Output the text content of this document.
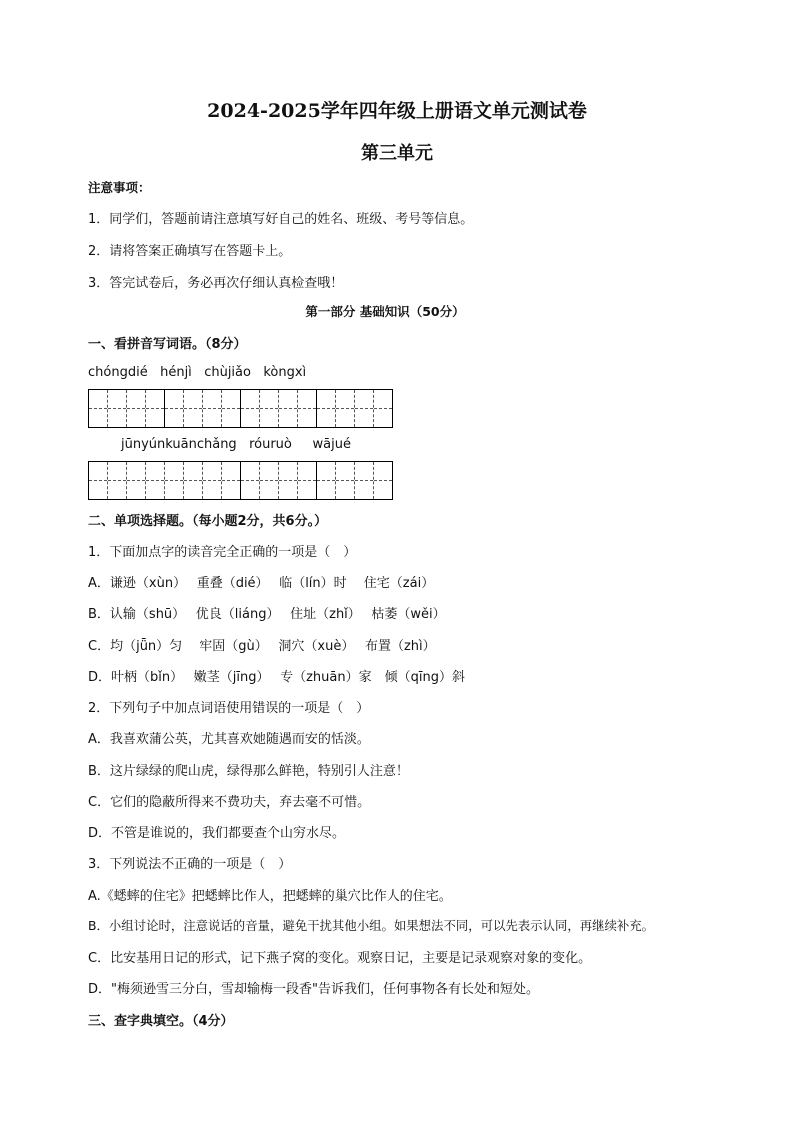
2024-2025学年四年级上册语文单元测试卷
第三单元
注意事项：
1．同学们，答题前请注意填写好自己的姓名、班级、考号等信息。
2．请将答案正确填写在答题卡上。
3．答完试卷后，务必再次仔细认真检查哦！
第一部分 基础知识（50分）
一、看拼音写词语。（8分）
chóngdié   hénjì   chùjiǎo   kòngxì
jūnyúnkuānchǎng   róuruò     wājué
二、单项选择题。（每小题2分，共6分。）
1．下面加点字的读音完全正确的一项是（　）
A．谦逊（xùn）　 重叠（dié）　 临（lín）时　 住宅（zái）
B．认输（shū）　 优良（liáng）　 住址（zhǐ）　 枯萎（wěi）
C．均（jǖn）匀　 牢固（gù）　 洞穴（xuè）　 布置（zhì）
D．叶柄（bǐn）　 嫩茎（jīng）　 专（zhuān）家　倾（qīng）斜
2．下列句子中加点词语使用错误的一项是（　）
A．我喜欢蒲公英，尤其喜欢她随遇而安的恬淡。
B．这片绿绿的爬山虎，绿得那么鲜艳，特别引人注意！
C．它们的隐蔽所得来不费功夫，弃去毫不可惜。
D．不管是谁说的，我们都要查个山穷水尽。
3．下列说法不正确的一项是（　）
A.《蟋蟀的住宅》把蟋蟀比作人，把蟋蟀的巢穴比作人的住宅。
B．小组讨论时，注意说话的音量，避免干扰其他小组。如果想法不同，可以先表示认同，再继续补充。
C．比安基用日记的形式，记下燕子窝的变化。观察日记，主要是记录观察对象的变化。
D．"梅须逊雪三分白，雪却输梅一段香"告诉我们，任何事物各有长处和短处。
三、查字典填空。（4分）
